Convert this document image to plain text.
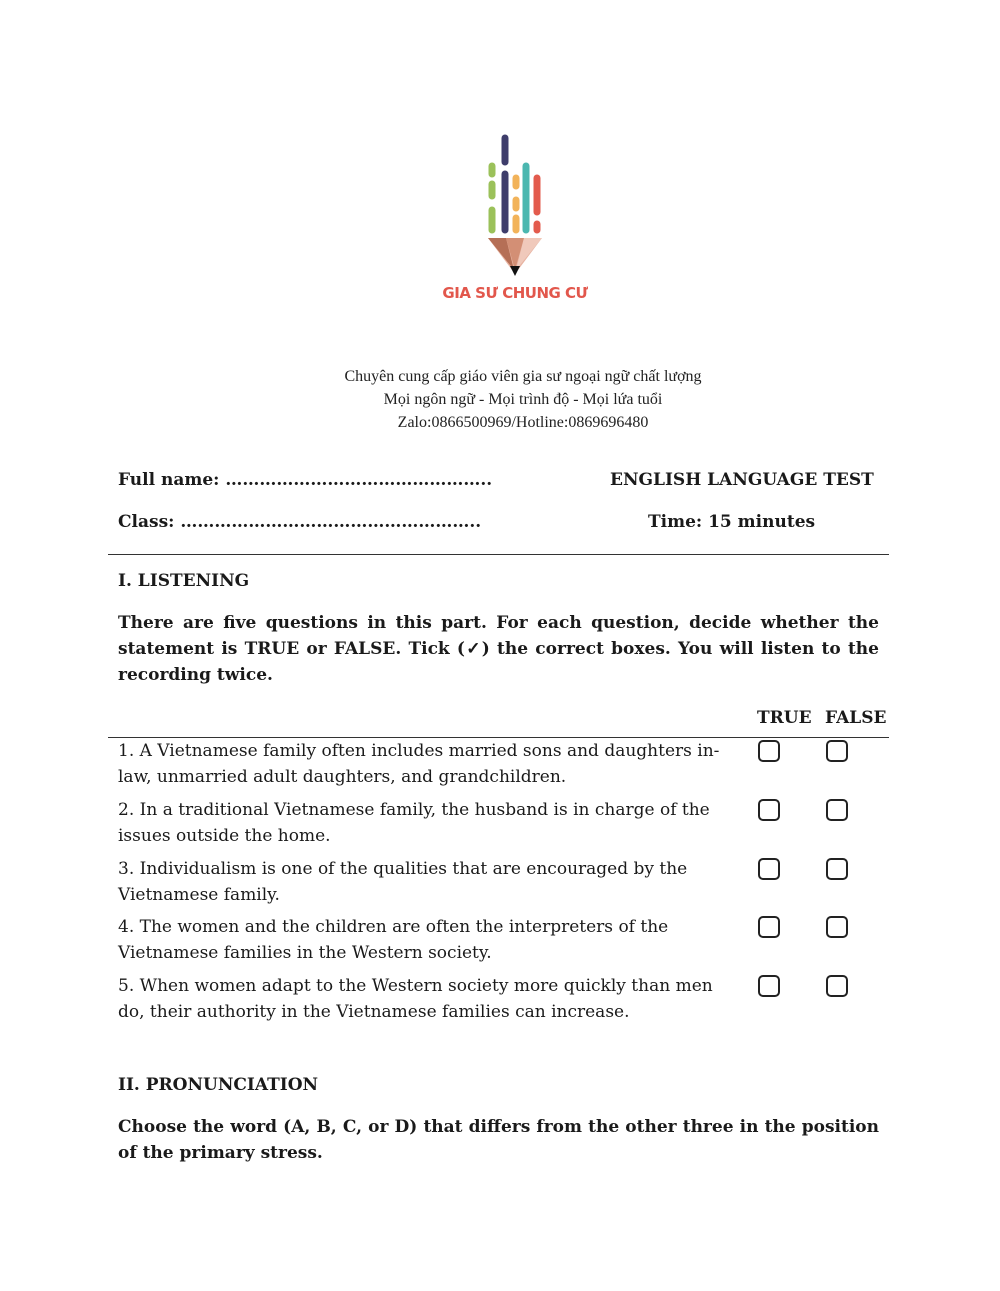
GIA SƯ CHUNG CƯ
Chuyên cung cấp giáo viên gia sư ngoại ngữ chất lượng
Mọi ngôn ngữ - Mọi trình độ - Mọi lứa tuổi
Zalo:0866500969/Hotline:0869696480
Full name: ………………………………………..	ENGLISH LANGUAGE TEST
Class: ……………………………………………..	Time: 15 minutes
I. LISTENING
There are five questions in this part. For each question, decide whether the statement is TRUE or FALSE. Tick (✓) the correct boxes. You will listen to the recording twice.
TRUE FALSE
1. A Vietnamese family often includes married sons and daughters in-law, unmarried adult daughters, and grandchildren.
2. In a traditional Vietnamese family, the husband is in charge of the issues outside the home.
3. Individualism is one of the qualities that are encouraged by the Vietnamese family.
4. The women and the children are often the interpreters of the Vietnamese families in the Western society.
5. When women adapt to the Western society more quickly than men do, their authority in the Vietnamese families can increase.
II. PRONUNCIATION
Choose the word (A, B, C, or D) that differs from the other three in the position of the primary stress.
